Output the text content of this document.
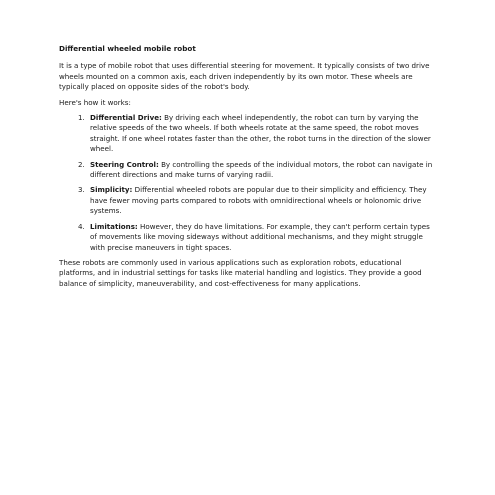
Differential wheeled mobile robot

It is a type of mobile robot that uses differential steering for movement. It typically consists of two drive wheels mounted on a common axis, each driven independently by its own motor. These wheels are typically placed on opposite sides of the robot's body.

Here's how it works:

1. Differential Drive: By driving each wheel independently, the robot can turn by varying the relative speeds of the two wheels. If both wheels rotate at the same speed, the robot moves straight. If one wheel rotates faster than the other, the robot turns in the direction of the slower wheel.
2. Steering Control: By controlling the speeds of the individual motors, the robot can navigate in different directions and make turns of varying radii.
3. Simplicity: Differential wheeled robots are popular due to their simplicity and efficiency. They have fewer moving parts compared to robots with omnidirectional wheels or holonomic drive systems.
4. Limitations: However, they do have limitations. For example, they can't perform certain types of movements like moving sideways without additional mechanisms, and they might struggle with precise maneuvers in tight spaces.

These robots are commonly used in various applications such as exploration robots, educational platforms, and in industrial settings for tasks like material handling and logistics. They provide a good balance of simplicity, maneuverability, and cost-effectiveness for many applications.
